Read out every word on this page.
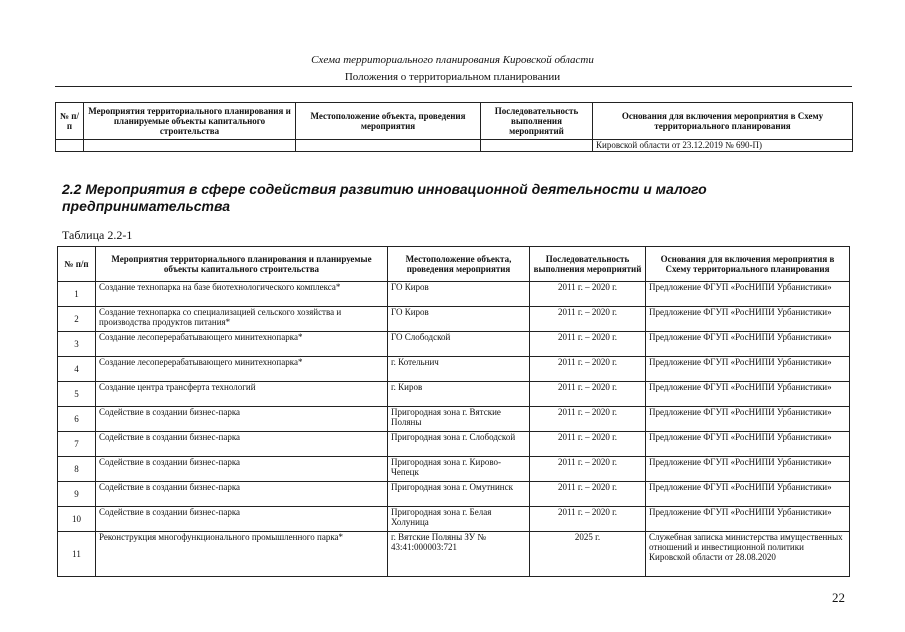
Схема территориального планирования Кировской области
Положения о территориальном планировании
№ п/п	Мероприятия территориального планирования и планируемые объекты капитального строительства	Местоположение объекта, проведения мероприятия	Последовательность выполнения мероприятий	Основания для включения мероприятия в Схему территориального планирования
				Кировской области от 23.12.2019 № 690-П)
2.2 Мероприятия в сфере содействия развитию инновационной деятельности и малого предпринимательства
Таблица 2.2-1
№ п/п	Мероприятия территориального планирования и планируемые объекты капитального строительства	Местоположение объекта, проведения мероприятия	Последовательность выполнения мероприятий	Основания для включения мероприятия в Схему территориального планирования
1	Создание технопарка на базе биотехнологического комплекса*	ГО Киров	2011 г. – 2020 г.	Предложение ФГУП «РосНИПИ Урбанистики»
2	Создание технопарка со специализацией сельского хозяйства и производства продуктов питания*	ГО Киров	2011 г. – 2020 г.	Предложение ФГУП «РосНИПИ Урбанистики»
3	Создание лесоперерабатывающего минитехнопарка*	ГО Слободской	2011 г. – 2020 г.	Предложение ФГУП «РосНИПИ Урбанистики»
4	Создание лесоперерабатывающего минитехнопарка*	г. Котельнич	2011 г. – 2020 г.	Предложение ФГУП «РосНИПИ Урбанистики»
5	Создание центра трансферта технологий	г. Киров	2011 г. – 2020 г.	Предложение ФГУП «РосНИПИ Урбанистики»
6	Содействие в создании бизнес-парка	Пригородная зона г. Вятские Поляны	2011 г. – 2020 г.	Предложение ФГУП «РосНИПИ Урбанистики»
7	Содействие в создании бизнес-парка	Пригородная зона г. Слободской	2011 г. – 2020 г.	Предложение ФГУП «РосНИПИ Урбанистики»
8	Содействие в создании бизнес-парка	Пригородная зона г. Кирово-Чепецк	2011 г. – 2020 г.	Предложение ФГУП «РосНИПИ Урбанистики»
9	Содействие в создании бизнес-парка	Пригородная зона г. Омутнинск	2011 г. – 2020 г.	Предложение ФГУП «РосНИПИ Урбанистики»
10	Содействие в создании бизнес-парка	Пригородная зона г. Белая Холуница	2011 г. – 2020 г.	Предложение ФГУП «РосНИПИ Урбанистики»
11	Реконструкция многофункционального промышленного парка*	г. Вятские Поляны ЗУ № 43:41:000003:721	2025 г.	Служебная записка министерства имущественных отношений и инвестиционной политики Кировской области от 28.08.2020
22
